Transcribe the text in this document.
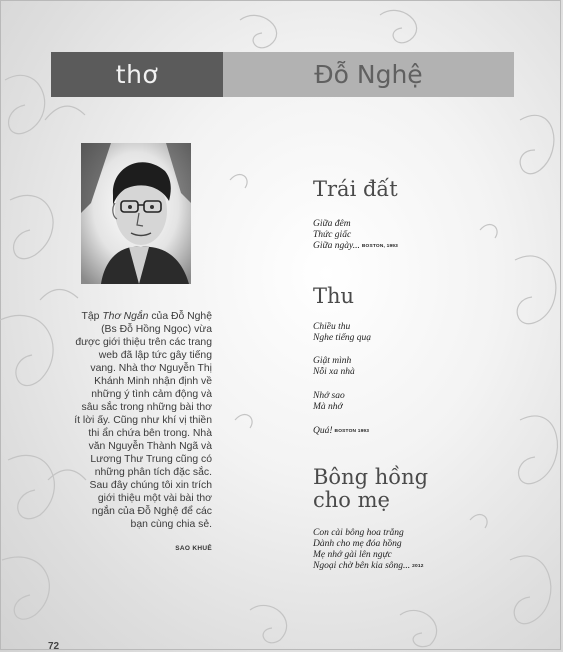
thơ	Đỗ Nghệ

Tập Thơ Ngắn của Đỗ Nghệ (Bs Đỗ Hồng Ngọc) vừa được giới thiệu trên các trang web đã lập tức gây tiếng vang. Nhà thơ Nguyễn Thị Khánh Minh nhận định về những ý tình cảm động và sâu sắc trong những bài thơ ít lời ấy. Cũng như khí vị thiền thi ẩn chứa bên trong. Nhà văn Nguyễn Thành Ngã và Lương Thư Trung cũng có những phân tích đặc sắc. Sau đây chúng tôi xin trích giới thiệu một vài bài thơ ngắn của Đỗ Nghệ để các bạn cùng chia sẻ.

SAO KHUÊ
Trái đất
Giữa đêm
Thức giấc
Giữa ngày... BOSTON, 1993
Thu
Chiều thu
Nghe tiếng quạ
Giật mình
Nỗi xa nhà
Nhớ sao
Mà nhớ
Quá! BOSTON 1993
Bông hồng
cho mẹ
Con cài bông hoa trắng
Dành cho mẹ đóa hồng
Mẹ nhớ gài lên ngực
Ngoại chờ bên kia sông... 2012
72
